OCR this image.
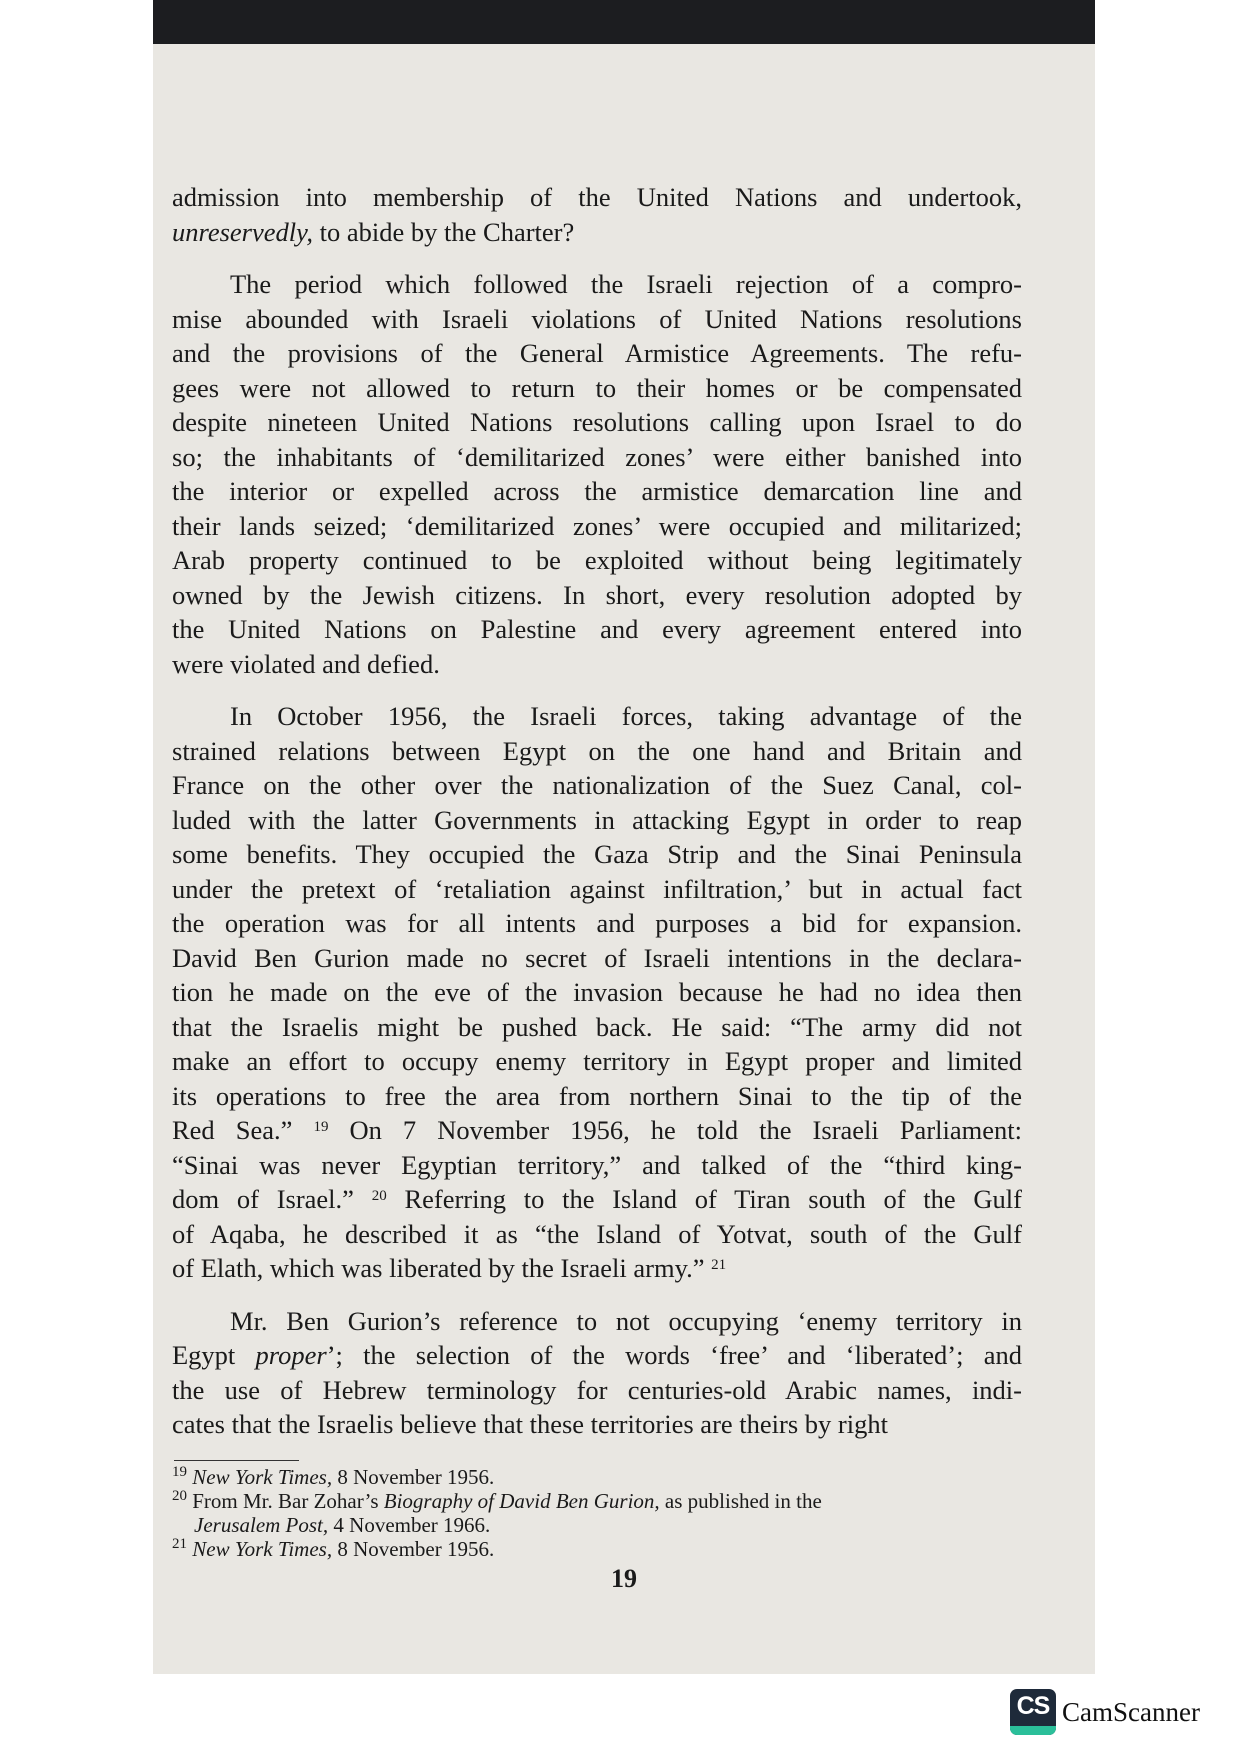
19
admission into membership of the United Nations and undertook,
unreservedly, to abide by the Charter?
The period which followed the Israeli rejection of a compro-
mise abounded with Israeli violations of United Nations resolutions
and the provisions of the General Armistice Agreements. The refu-
gees were not allowed to return to their homes or be compensated
despite nineteen United Nations resolutions calling upon Israel to do
so; the inhabitants of ‘demilitarized zones’ were either banished into
the interior or expelled across the armistice demarcation line and
their lands seized; ‘demilitarized zones’ were occupied and militarized;
Arab property continued to be exploited without being legitimately
owned by the Jewish citizens. In short, every resolution adopted by
the United Nations on Palestine and every agreement entered into
were violated and defied.
In October 1956, the Israeli forces, taking advantage of the
strained relations between Egypt on the one hand and Britain and
France on the other over the nationalization of the Suez Canal, col-
luded with the latter Governments in attacking Egypt in order to reap
some benefits. They occupied the Gaza Strip and the Sinai Peninsula
under the pretext of ‘retaliation against infiltration,’ but in actual fact
the operation was for all intents and purposes a bid for expansion.
David Ben Gurion made no secret of Israeli intentions in the declara-
tion he made on the eve of the invasion because he had no idea then
that the Israelis might be pushed back. He said: “The army did not
make an effort to occupy enemy territory in Egypt proper and limited
its operations to free the area from northern Sinai to the tip of the
Red Sea.” $^{19}$ On 7 November 1956, he told the Israeli Parliament:
“Sinai was never Egyptian territory,” and talked of the “third king-
dom of Israel.” $^{20}$ Referring to the Island of Tiran south of the Gulf
of Aqaba, he described it as “the Island of Yotvat, south of the Gulf
of Elath, which was liberated by the Israeli army.” $^{21}$
Mr. Ben Gurion’s reference to not occupying ‘enemy territory in
Egypt proper’; the selection of the words ‘free’ and ‘liberated’; and
the use of Hebrew terminology for centuries-old Arabic names, indi-
cates that the Israelis believe that these territories are theirs by right
$^{19}$ New York Times, 8 November 1956.
$^{20}$ From Mr. Bar Zohar’s Biography of David Ben Gurion, as published in the
Jerusalem Post, 4 November 1966.
$^{21}$ New York Times, 8 November 1956.
CS CamScanner
